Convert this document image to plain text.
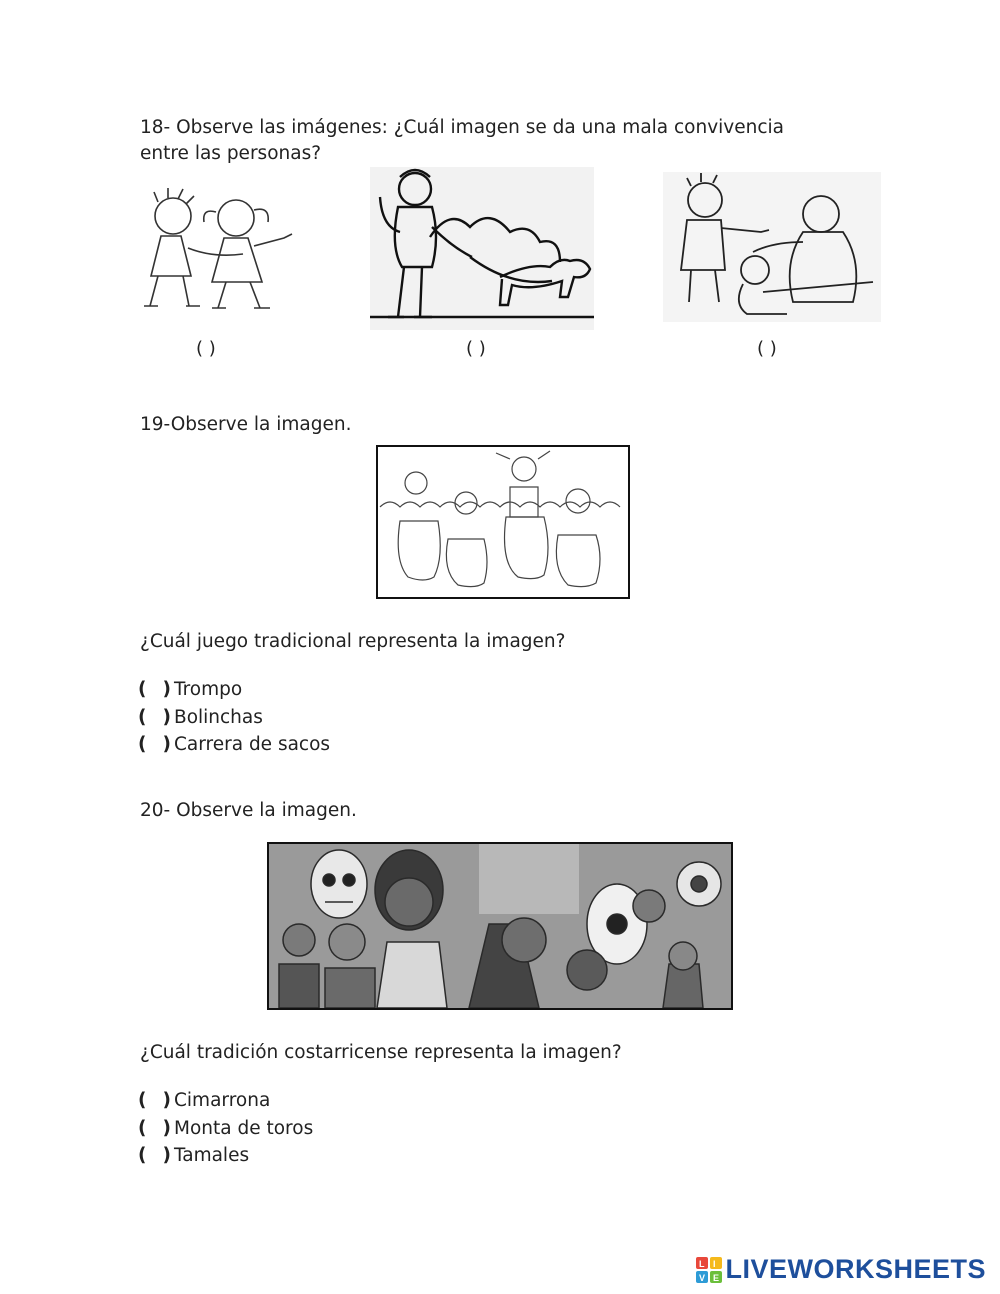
18- Observe las imágenes: ¿Cuál imagen se da una mala convivencia
entre las personas?

( )	( )	( )

19-Observe la imagen.

¿Cuál juego tradicional representa la imagen?

( ) Trompo
( ) Bolinchas
( ) Carrera de sacos

20- Observe la imagen.

¿Cuál tradición costarricense representa la imagen?

( ) Cimarrona
( ) Monta de toros
( ) Tamales
L I
V E LIVEWORKSHEETS
